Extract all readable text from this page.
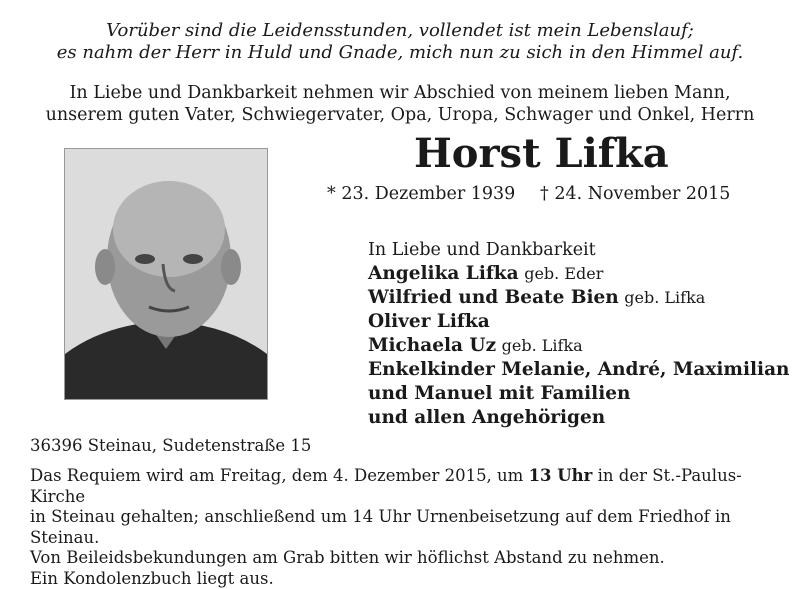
Vorüber sind die Leidensstunden, vollendet ist mein Lebenslauf;
es nahm der Herr in Huld und Gnade, mich nun zu sich in den Himmel auf.
In Liebe und Dankbarkeit nehmen wir Abschied von meinem lieben Mann,
unserem guten Vater, Schwiegervater, Opa, Uropa, Schwager und Onkel, Herrn
Horst Lifka
* 23. Dezember 1939 † 24. November 2015
In Liebe und Dankbarkeit
Angelika Lifka geb. Eder
Wilfried und Beate Bien geb. Lifka
Oliver Lifka
Michaela Uz geb. Lifka
Enkelkinder Melanie, André, Maximilian
und Manuel mit Familien
und allen Angehörigen
36396 Steinau, Sudetenstraße 15
Das Requiem wird am Freitag, dem 4. Dezember 2015, um 13 Uhr in der St.-Paulus-Kirche
in Steinau gehalten; anschließend um 14 Uhr Urnenbeisetzung auf dem Friedhof in Steinau.
Von Beileidsbekundungen am Grab bitten wir höflichst Abstand zu nehmen.
Ein Kondolenzbuch liegt aus.
